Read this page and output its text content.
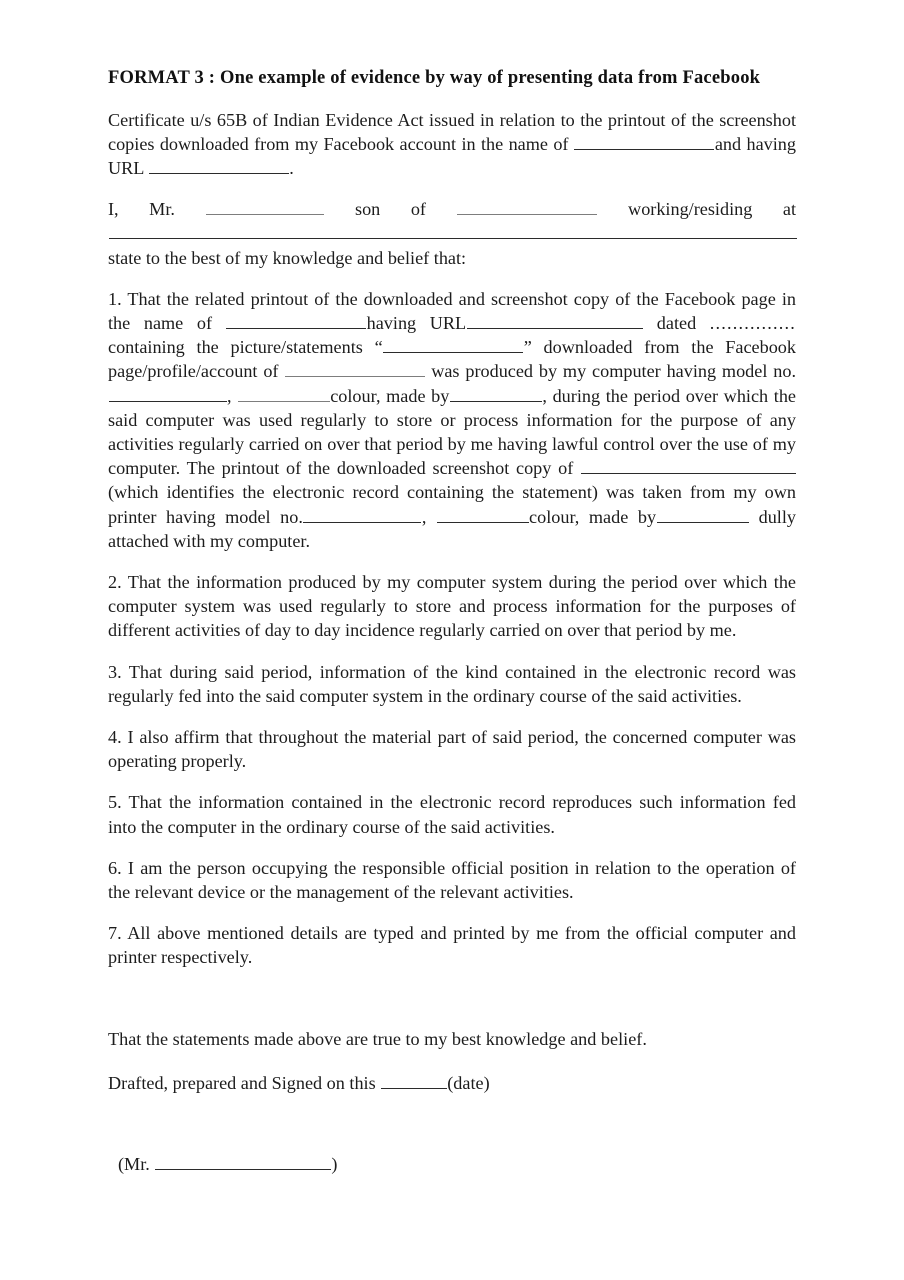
FORMAT 3 : One example of evidence by way of presenting data from Facebook

Certificate u/s 65B of Indian Evidence Act issued in relation to the printout of the screenshot copies downloaded from my Facebook account in the name of	and having URL	.

I, Mr.	son of	working/residing at  state to the best of my knowledge and belief that:

1. That the related printout of the downloaded and screenshot copy of the Facebook page in the name of	having URL	dated ............... containing the picture/statements “	” downloaded from the Facebook page/profile/account of	was produced by my computer having model no.,	colour, made by	, during the period over which the said computer was used regularly to store or process information for the purpose of any activities regularly carried on over that period by me having lawful control over the use of my computer. The printout of the downloaded screenshot copy of (which identifies the electronic record containing the statement) was taken from my own printer having model no.	,	colour, made by	dully attached with my computer.

2. That the information produced by my computer system during the period over which the computer system was used regularly to store and process information for the purposes of different activities of day to day incidence regularly carried on over that period by me.

3. That during said period, information of the kind contained in the electronic record was regularly fed into the said computer system in the ordinary course of the said activities.

4. I also affirm that throughout the material part of said period, the concerned computer was operating properly.

5. That the information contained in the electronic record reproduces such information fed into the computer in the ordinary course of the said activities.

6. I am the person occupying the responsible official position in relation to the operation of the relevant device or the management of the relevant activities.

7. All above mentioned details are typed and printed by me from the official computer and printer respectively.

That the statements made above are true to my best knowledge and belief.

Drafted, prepared and Signed on this	(date)

(Mr.	)
